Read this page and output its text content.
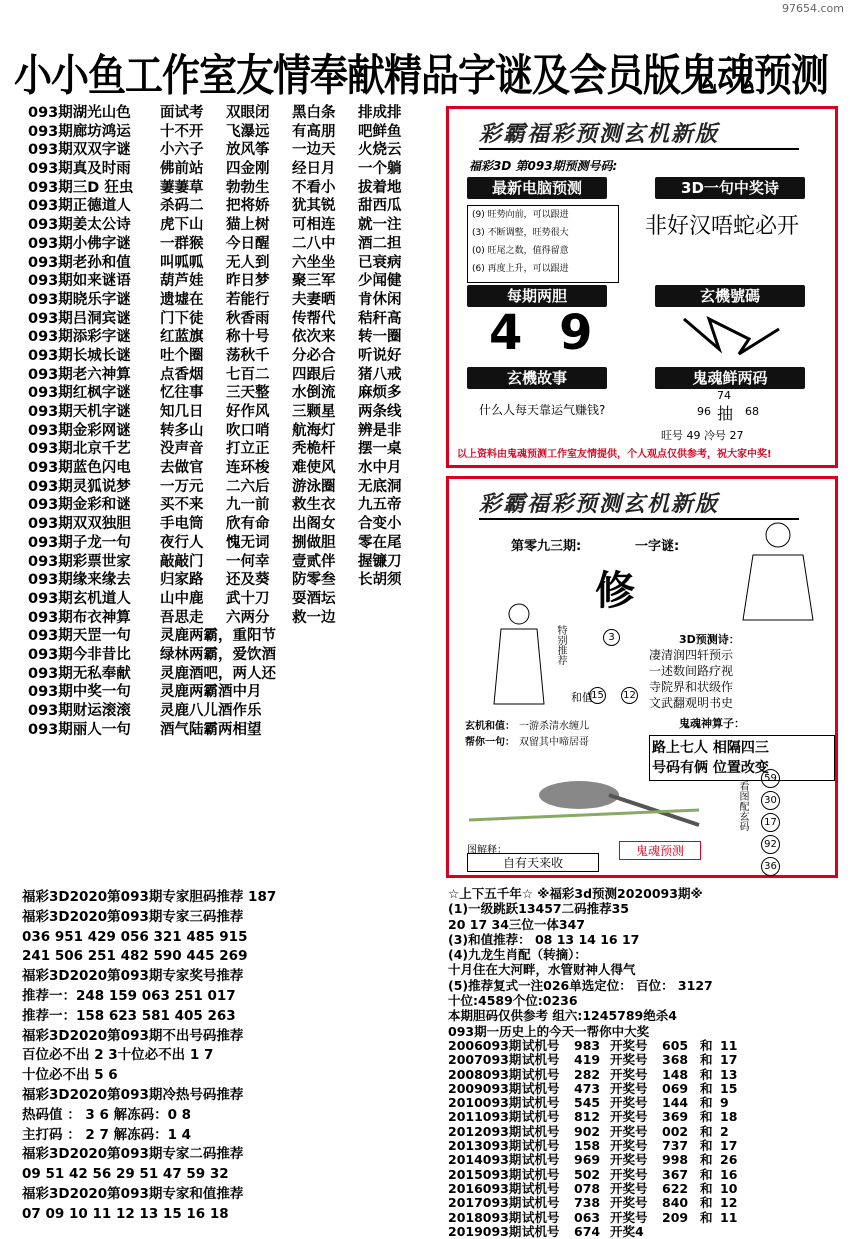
97654.com
小小鱼工作室友情奉献精品字谜及会员版鬼魂预测
093期湖光山色	面试考	双眼闭	黑白条	排成排
093期廊坊鸿运	十不开	飞瀑远	有高朋	吧鲜鱼
093期双双字谜	小六子	放风筝	一边天	火烧云
093期真及时雨	佛前站	四金刚	经日月	一个躺
093期三D 狂虫	萋萋草	勃勃生	不看小	拔着地
093期正德道人	杀码二	把将娇	犹其锐	甜西瓜
093期姜太公诗	虎下山	猫上树	可相连	就一注
093期小佛字谜	一群猴	今日醒	二八中	酒二担
093期老孙和值	叫呱呱	无人到	六坐坐	已衰病
093期如来谜语	葫芦娃	昨日梦	聚三军	少闻健
093期晓乐字谜	遗墟在	若能行	夫妻晒	肯休闲
093期吕洞宾谜	门下徒	秋香雨	传帮代	秸秆高
093期添彩字谜	红蓝旗	称十号	依次来	转一圈
093期长城长谜	吐个圈	荡秋千	分必合	听说好
093期老六神算	点香烟	七百二	四跟后	猪八戒
093期红枫字谜	忆往事	三天整	水倒流	麻烦多
093期天机字谜	知几日	好作风	三颗星	两条线
093期金彩网谜	转多山	吹口哨	航海灯	辨是非
093期北京千艺	没声音	打立正	秃桅杆	摆一桌
093期蓝色闪电	去做官	连环梭	难使风	水中月
093期灵狐说梦	一万元	二六后	游泳圈	无底洞
093期金彩和谜	买不来	九一前	救生衣	九五帝
093期双双独胆	手电筒	欣有命	出阁女	合变小
093期子龙一句	夜行人	愧无词	捌做胆	零在尾
093期彩票世家	敲敲门	一何幸	壹贰伴	握镰刀
093期缘来缘去	归家路	还及葵	防零叁	长胡须
093期玄机道人	山中鹿	武十刀	耍酒坛
093期布衣神算	吾思走	六两分	救一边
093期天罡一句	灵鹿两霸，重阳节
093期今非昔比	绿林两霸，爱饮酒
093期无私奉献	灵鹿酒吧，两人还
093期中奖一句	灵鹿两霸酒中月
093期财运滚滚	灵鹿八儿酒作乐
093期丽人一句	酒气陆霸两相望
彩霸福彩预测玄机新版
福彩3D 第093期预测号码:
最新电脑预测	3D一句中奖诗
(9) 旺势向前，可以跟进
(3) 不断调整，旺势很大
(0) 旺尾之数，值得留意
(6) 再度上升，可以跟进
非好汉唔蛇必开
每期两胆	玄機號碼
4 9
玄機故事	鬼魂鲜两码
什么人每天靠运气赚钱?
74
96 抽 68
旺号 49 冷号 27
以上资料由鬼魂预测工作室友情提供，个人观点仅供参考，祝大家中奖!
彩霸福彩预测玄机新版
第零九三期:	一字谜:
修
特别推荐	3
和值
15 12
3D预测诗：
凄清润四轩预示
一述数间路疗视
寺院界和状级作
文武翻观明书史
鬼魂神算子：
路上七人 相隔四三
号码有俩 位置改变
玄机和值： 一游杀清水缠儿
帮你一句： 双留其中啼居哥
看图配玄码
59
30
17
92
36
图解释：
自有天来收
鬼魂预测
福彩3D2020第093期专家胆码推荐 187
福彩3D2020第093期专家三码推荐
036 951 429 056 321 485 915
241 506 251 482 590 445 269
福彩3D2020第093期专家奖号推荐
推荐一：248 159 063 251 017
推荐一：158 623 581 405 263
福彩3D2020第093期不出号码推荐
百位必不出 2 3十位必不出 1 7
十位必不出 5 6
福彩3D2020第093期冷热号码推荐
热码值 ： 3 6 解冻码：0 8
主打码 ： 2 7 解冻码：1 4
福彩3D2020第093期专家二码推荐
09 51 42 56 29 51 47 59 32
福彩3D2020第093期专家和值推荐
07 09 10 11 12 13 15 16 18
☆上下五千年☆ ※福彩3d预测2020093期※
(1)一级跳跃13457二码推荐35
20 17 34三位一体347
(3)和值推荐： 08 13 14 16 17
(4)九龙生肖配（转摘）：
十月住在大河畔，水管财神人得气
(5)推荐复式一注026单选定位： 百位： 3127
十位:4589个位:0236
本期胆码仅供参考 组六:1245789绝杀4
093期一历史上的今天一帮你中大奖
2006093期 试机号	983 开奖号	605 和 11
2007093期 试机号	419 开奖号	368 和 17
2008093期 试机号	282 开奖号	148 和 13
2009093期 试机号	473 开奖号	069 和 15
2010093期 试机号	545 开奖号	144 和 9
2011093期 试机号	812 开奖号	369 和 18
2012093期 试机号	902 开奖号	002 和 2
2013093期 试机号	158 开奖号	737 和 17
2014093期 试机号	969 开奖号	998 和 26
2015093期 试机号	502 开奖号	367 和 16
2016093期 试机号	078 开奖号	622 和 10
2017093期 试机号	738 开奖号	840 和 12
2018093期 试机号	063 开奖号	209 和 11
2019093期 试机号	674 开奖4
